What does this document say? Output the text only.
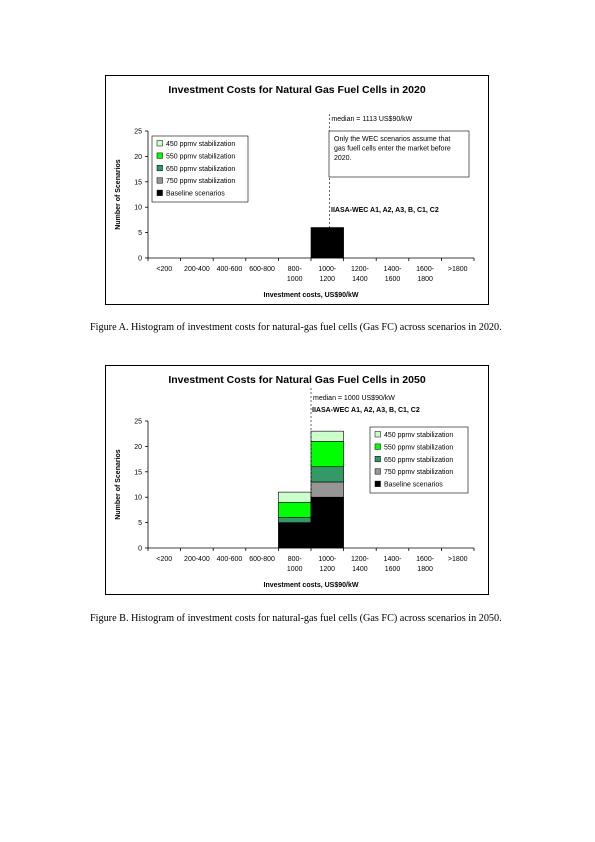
Investment Costs for Natural Gas Fuel Cells in 2020
Number of Scenarios
0
5
10
15
20
25
<200 200-400 400-600 600-800 800-1000
1000-1200
1200-1400
1400-1600
1600-1800
>1800
Investment costs, US$90/kW
median = 1113 US$90/kW
450 ppmv stabilization
550 ppmv stabilization
650 ppmv stabilization
750 ppmv stabilization
Baseline scenarios
Only the WEC scenarios assume that gas fuell cells enter the market before 2020.
IIASA-WEC A1, A2, A3, B, C1, C2
Figure A. Histogram of investment costs for natural-gas fuel cells (Gas FC) across scenarios in 2020.
Investment Costs for Natural Gas Fuel Cells in 2050
Number of Scenarios
0
5
10
15
20
25
<200 200-400 400-600 600-800 800-1000
1000-1200
1200-1400
1400-1600
1600-1800
>1800
Investment costs, US$90/kW
median = 1000 US$90/kW
450 ppmv stabilization
550 ppmv stabilization
650 ppmv stabilization
750 ppmv stabilization
Baseline scenarios
IIASA-WEC A1, A2, A3, B, C1, C2
Figure B. Histogram of investment costs for natural-gas fuel cells (Gas FC) across scenarios in 2050.
